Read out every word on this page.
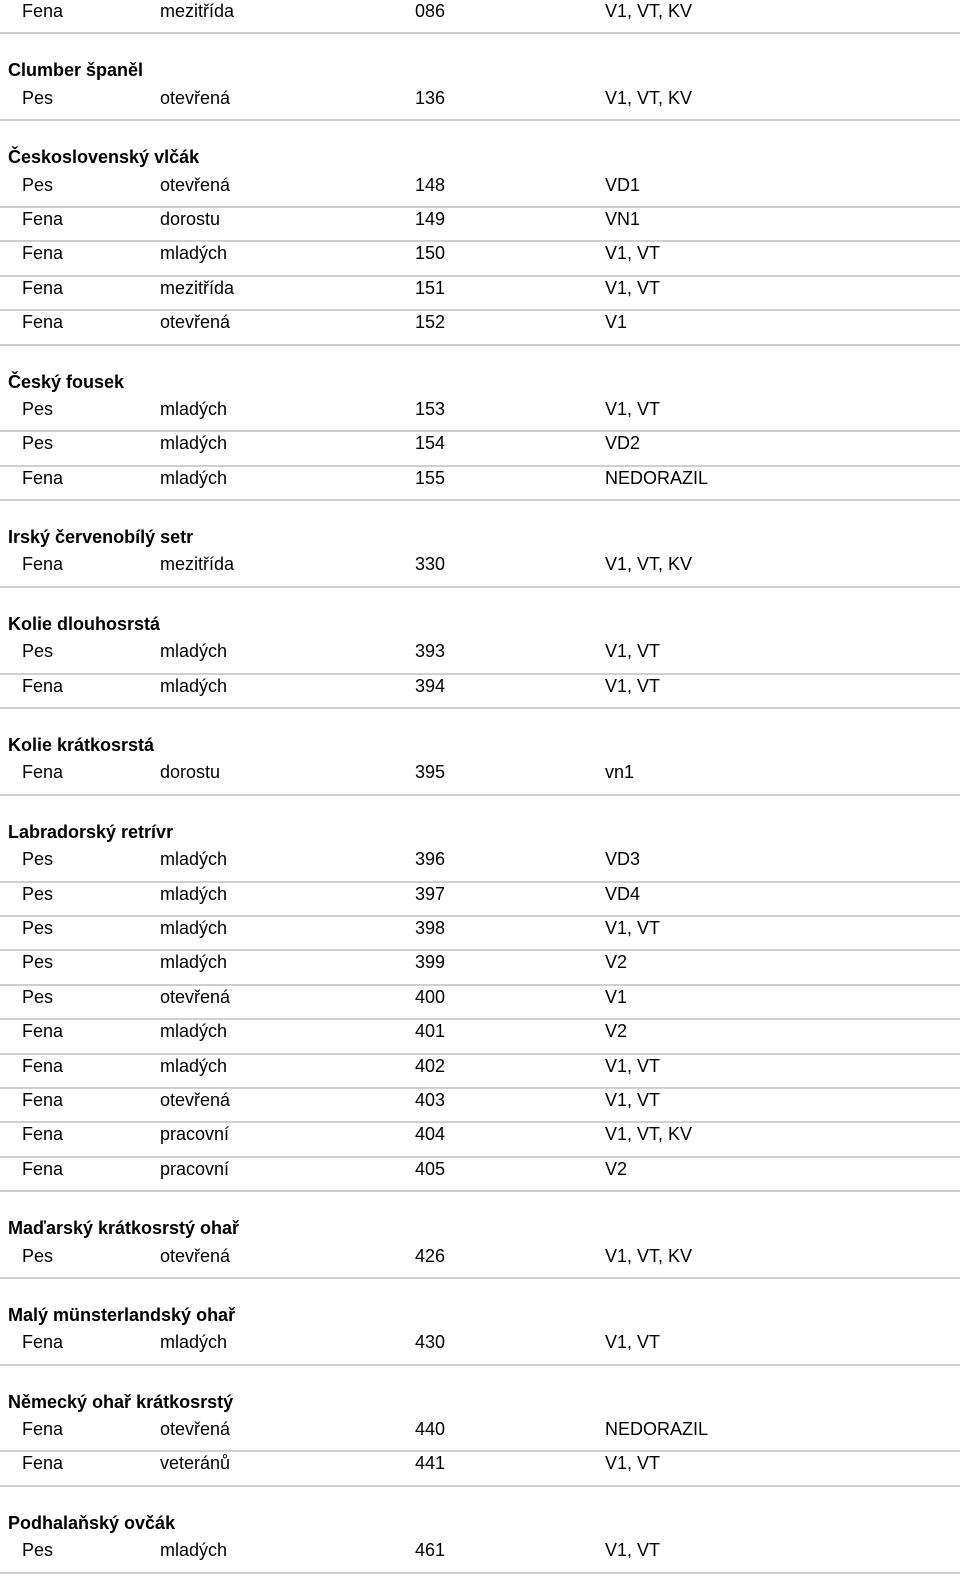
Fena	mezitřída	086	V1, VT, KV
Clumber španěl
Pes	otevřená	136	V1, VT, KV
Československý vlčák
Pes	otevřená	148	VD1
Fena	dorostu	149	VN1
Fena	mladých	150	V1, VT
Fena	mezitřída	151	V1, VT
Fena	otevřená	152	V1
Český fousek
Pes	mladých	153	V1, VT
Pes	mladých	154	VD2
Fena	mladých	155	NEDORAZIL
Irský červenobílý setr
Fena	mezitřída	330	V1, VT, KV
Kolie dlouhosrstá
Pes	mladých	393	V1, VT
Fena	mladých	394	V1, VT
Kolie krátkosrstá
Fena	dorostu	395	vn1
Labradorský retrívr
Pes	mladých	396	VD3
Pes	mladých	397	VD4
Pes	mladých	398	V1, VT
Pes	mladých	399	V2
Pes	otevřená	400	V1
Fena	mladých	401	V2
Fena	mladých	402	V1, VT
Fena	otevřená	403	V1, VT
Fena	pracovní	404	V1, VT, KV
Fena	pracovní	405	V2
Maďarský krátkosrstý ohař
Pes	otevřená	426	V1, VT, KV
Malý münsterlandský ohař
Fena	mladých	430	V1, VT
Německý ohař krátkosrstý
Fena	otevřená	440	NEDORAZIL
Fena	veteránů	441	V1, VT
Podhalaňský ovčák
Pes	mladých	461	V1, VT
